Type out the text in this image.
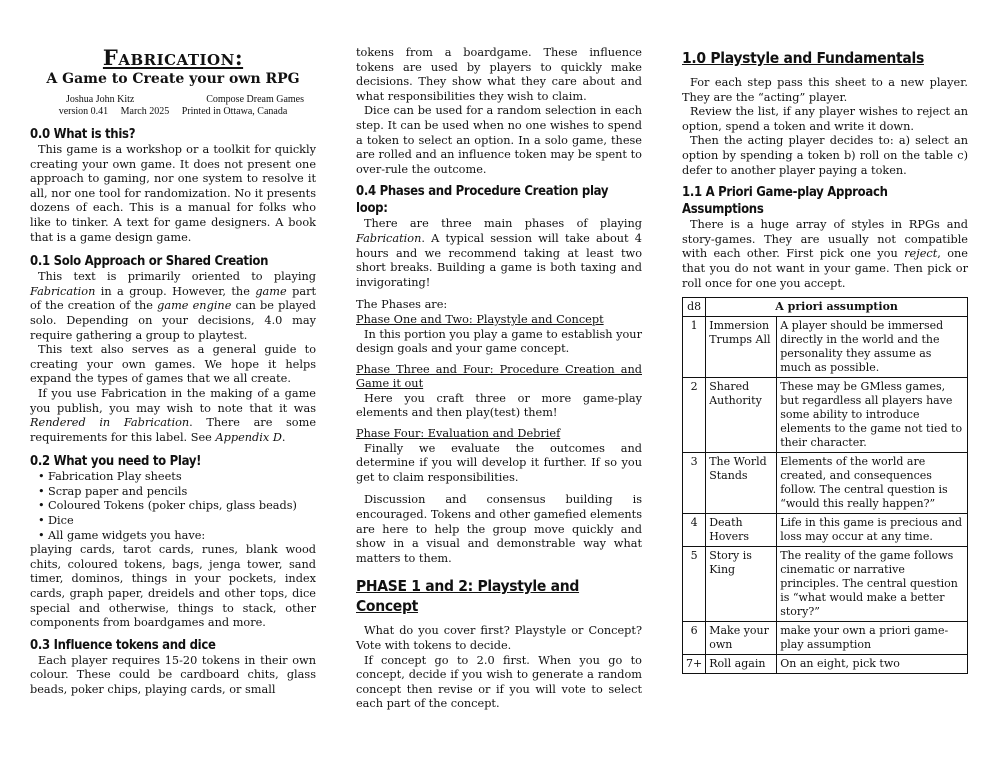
Fabrication:
A Game to Create your own RPG
Joshua John Kitz	Compose Dream Games
version 0.41     March 2025     Printed in Ottawa, Canada
0.0 What is this?

This game is a workshop or a toolkit for quickly creating your own game. It does not present one approach to gaming, nor one system to resolve it all, nor one tool for randomization. No it presents dozens of each. This is a manual for folks who like to tinker. A text for game designers. A book that is a game design game.

0.1 Solo Approach or Shared Creation

This text is primarily oriented to playing Fabrication in a group. However, the game part of the creation of the game engine can be played solo. Depending on your decisions, 4.0 may require gathering a group to playtest.

This text also serves as a general guide to creating your own games. We hope it helps expand the types of games that we all create.

If you use Fabrication in the making of a game you publish, you may wish to note that it was Rendered in Fabrication. There are some requirements for this label. See Appendix D.

0.2 What you need to Play!
• Fabrication Play sheets
• Scrap paper and pencils
• Coloured Tokens (poker chips, glass beads)
• Dice
• All game widgets you have:

playing cards, tarot cards, runes, blank wood chits, coloured tokens, bags, jenga tower, sand timer, dominos, things in your pockets, index cards, graph paper, dreidels and other tops, dice special and otherwise, things to stack, other components from boardgames and more.

0.3 Influence tokens and dice

Each player requires 15-20 tokens in their own colour. These could be cardboard chits, glass beads, poker chips, playing cards, or small

tokens from a boardgame. These influence tokens are used by players to quickly make decisions. They show what they care about and what responsibilities they wish to claim.

Dice can be used for a random selection in each step. It can be used when no one wishes to spend a token to select an option. In a solo game, these are rolled and an influence token may be spent to over-rule the outcome.

0.4 Phases and Procedure Creation play loop:

There are three main phases of playing Fabrication. A typical session will take about 4 hours and we recommend taking at least two short breaks. Building a game is both taxing and invigorating!

The Phases are:

Phase One and Two: Playstyle and Concept

In this portion you play a game to establish your design goals and your game concept.

Phase Three and Four: Procedure Creation and Game it out

Here you craft three or more game-play elements and then play(test) them!

Phase Four: Evaluation and Debrief

Finally we evaluate the outcomes and determine if you will develop it further. If so you get to claim responsibilities.

Discussion and consensus building is encouraged. Tokens and other gamefied elements are here to help the group move quickly and show in a visual and demonstrable way what matters to them.

PHASE 1 and 2: Playstyle and Concept

What do you cover first? Playstyle or Concept? Vote with tokens to decide.

If concept go to 2.0 first. When you go to concept, decide if you wish to generate a random concept then revise or if you will vote to select each part of the concept.

1.0 Playstyle and Fundamentals

For each step pass this sheet to a new player. They are the “acting” player.

Review the list, if any player wishes to reject an option, spend a token and write it down.

Then the acting player decides to: a) select an option by spending a token b) roll on the table c) defer to another player paying a token.

1.1 A Priori Game-play Approach Assumptions

There is a huge array of styles in RPGs and story-games. They are usually not compatible with each other. First pick one you reject, one that you do not want in your game. Then pick or roll once for one you accept.

d8	A priori assumption	
1	Immersion Trumps All	A player should be immersed directly in the world and the personality they assume as much as possible.
2	Shared Authority	These may be GMless games, but regardless all players have some ability to introduce elements to the game not tied to their character.
3	The World Stands	Elements of the world are created, and consequences follow. The central question is “would this really happen?”
4	Death Hovers	Life in this game is precious and loss may occur at any time.
5	Story is King	The reality of the game follows cinematic or narrative principles. The central question is “what would make a better story?”
6	Make your own	make your own a priori game-play assumption
7+	Roll again	On an eight, pick two
